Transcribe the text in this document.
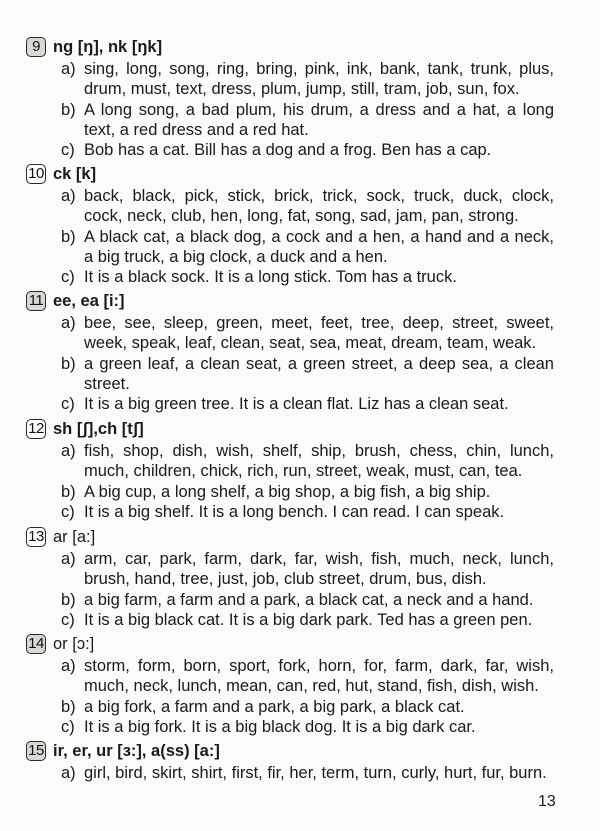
9 ng [ŋ], nk [ŋk]
a) sing, long, song, ring, bring, pink, ink, bank, tank, trunk, plus, drum, must, text, dress, plum, jump, still, tram, job, sun, fox.
b) A long song, a bad plum, his drum, a dress and a hat, a long text, a red dress and a red hat.
c) Bob has a cat. Bill has a dog and a frog. Ben has a cap.
10 ck [k]
a) back, black, pick, stick, brick, trick, sock, truck, duck, clock, cock, neck, club, hen, long, fat, song, sad, jam, pan, strong.
b) A black cat, a black dog, a cock and a hen, a hand and a neck, a big truck, a big clock, a duck and a hen.
c) It is a black sock. It is a long stick. Tom has a truck.
11 ee, ea [i:]
a) bee, see, sleep, green, meet, feet, tree, deep, street, sweet, week, speak, leaf, clean, seat, sea, meat, dream, team, weak.
b) a green leaf, a clean seat, a green street, a deep sea, a clean street.
c) It is a big green tree. It is a clean flat. Liz has a clean seat.
12 sh [ʃ],ch [tʃ]
a) fish, shop, dish, wish, shelf, ship, brush, chess, chin, lunch, much, children, chick, rich, run, street, weak, must, can, tea.
b) A big cup, a long shelf, a big shop, a big fish, a big ship.
c) It is a big shelf. It is a long bench. I can read. I can speak.
13 ar [a:]
a) arm, car, park, farm, dark, far, wish, fish, much, neck, lunch, brush, hand, tree, just, job, club street, drum, bus, dish.
b) a big farm, a farm and a park, a black cat, a neck and a hand.
c) It is a big black cat. It is a big dark park. Ted has a green pen.
14 or [ɔ:]
a) storm, form, born, sport, fork, horn, for, farm, dark, far, wish, much, neck, lunch, mean, can, red, hut, stand, fish, dish, wish.
b) a big fork, a farm and a park, a big park, a black cat.
c) It is a big fork. It is a big black dog. It is a big dark car.
15 ir, er, ur [ɜ:], a(ss) [a:]
a) girl, bird, skirt, shirt, first, fir, her, term, turn, curly, hurt, fur, burn.
13
